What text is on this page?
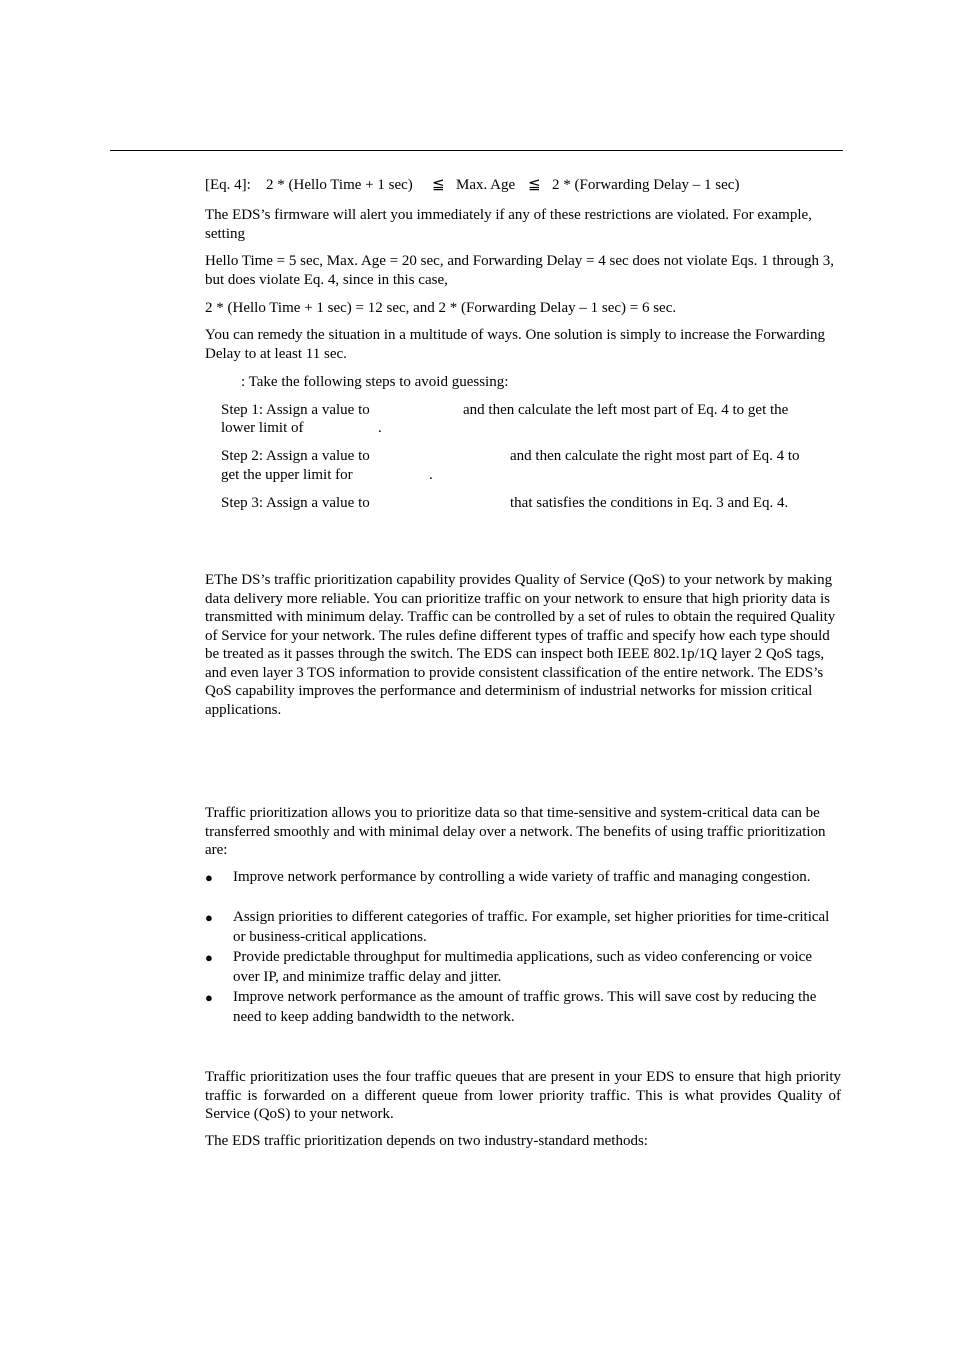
[Eq. 4]: 2 * (Hello Time + 1 sec) ≦ Max. Age ≦ 2 * (Forwarding Delay – 1 sec)
The EDS’s firmware will alert you immediately if any of these restrictions are violated. For example, setting
Hello Time = 5 sec, Max. Age = 20 sec, and Forwarding Delay = 4 sec does not violate Eqs. 1 through 3, but does violate Eq. 4, since in this case,
2 * (Hello Time + 1 sec) = 12 sec, and 2 * (Forwarding Delay – 1 sec) = 6 sec.
You can remedy the situation in a multitude of ways. One solution is simply to increase the Forwarding Delay to at least 11 sec.
: Take the following steps to avoid guessing:
Step 1: Assign a value to	and then calculate the left most part of Eq. 4 to get the
lower limit of	.
Step 2: Assign a value to	and then calculate the right most part of Eq. 4 to
get the upper limit for	.
Step 3: Assign a value to	that satisfies the conditions in Eq. 3 and Eq. 4.
EThe DS’s traffic prioritization capability provides Quality of Service (QoS) to your network by making data delivery more reliable. You can prioritize traffic on your network to ensure that high priority data is transmitted with minimum delay. Traffic can be controlled by a set of rules to obtain the required Quality of Service for your network. The rules define different types of traffic and specify how each type should be treated as it passes through the switch. The EDS can inspect both IEEE 802.1p/1Q layer 2 QoS tags, and even layer 3 TOS information to provide consistent classification of the entire network. The EDS’s QoS capability improves the performance and determinism of industrial networks for mission critical applications.
Traffic prioritization allows you to prioritize data so that time-sensitive and system-critical data can be transferred smoothly and with minimal delay over a network. The benefits of using traffic prioritization are:
● Improve network performance by controlling a wide variety of traffic and managing congestion.
● Assign priorities to different categories of traffic. For example, set higher priorities for time-critical or business-critical applications.
● Provide predictable throughput for multimedia applications, such as video conferencing or voice over IP, and minimize traffic delay and jitter.
● Improve network performance as the amount of traffic grows. This will save cost by reducing the need to keep adding bandwidth to the network.
Traffic prioritization uses the four traffic queues that are present in your EDS to ensure that high priority traffic is forwarded on a different queue from lower priority traffic. This is what provides Quality of Service (QoS) to your network.
The EDS traffic prioritization depends on two industry-standard methods:
